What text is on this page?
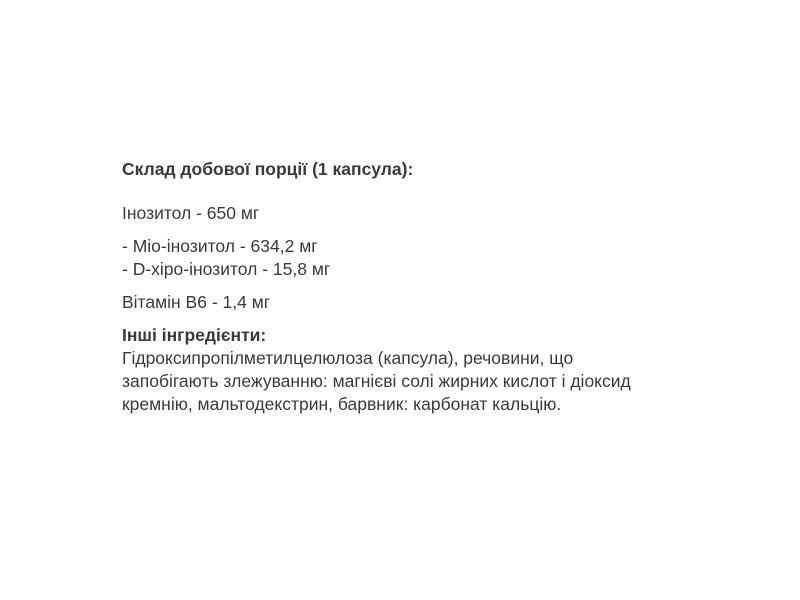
Склад добової порції (1 капсула):

Інозитол - 650 мг

- Міо-інозитол - 634,2 мг

- D-хіро-інозитол - 15,8 мг

Вітамін B6 - 1,4 мг

Інші інгредієнти:

Гідроксипропілметилцелюлоза (капсула), речовини, що

запобігають злежуванню: магнієві солі жирних кислот і діоксид

кремнію, мальтодекстрин, барвник: карбонат кальцію.
